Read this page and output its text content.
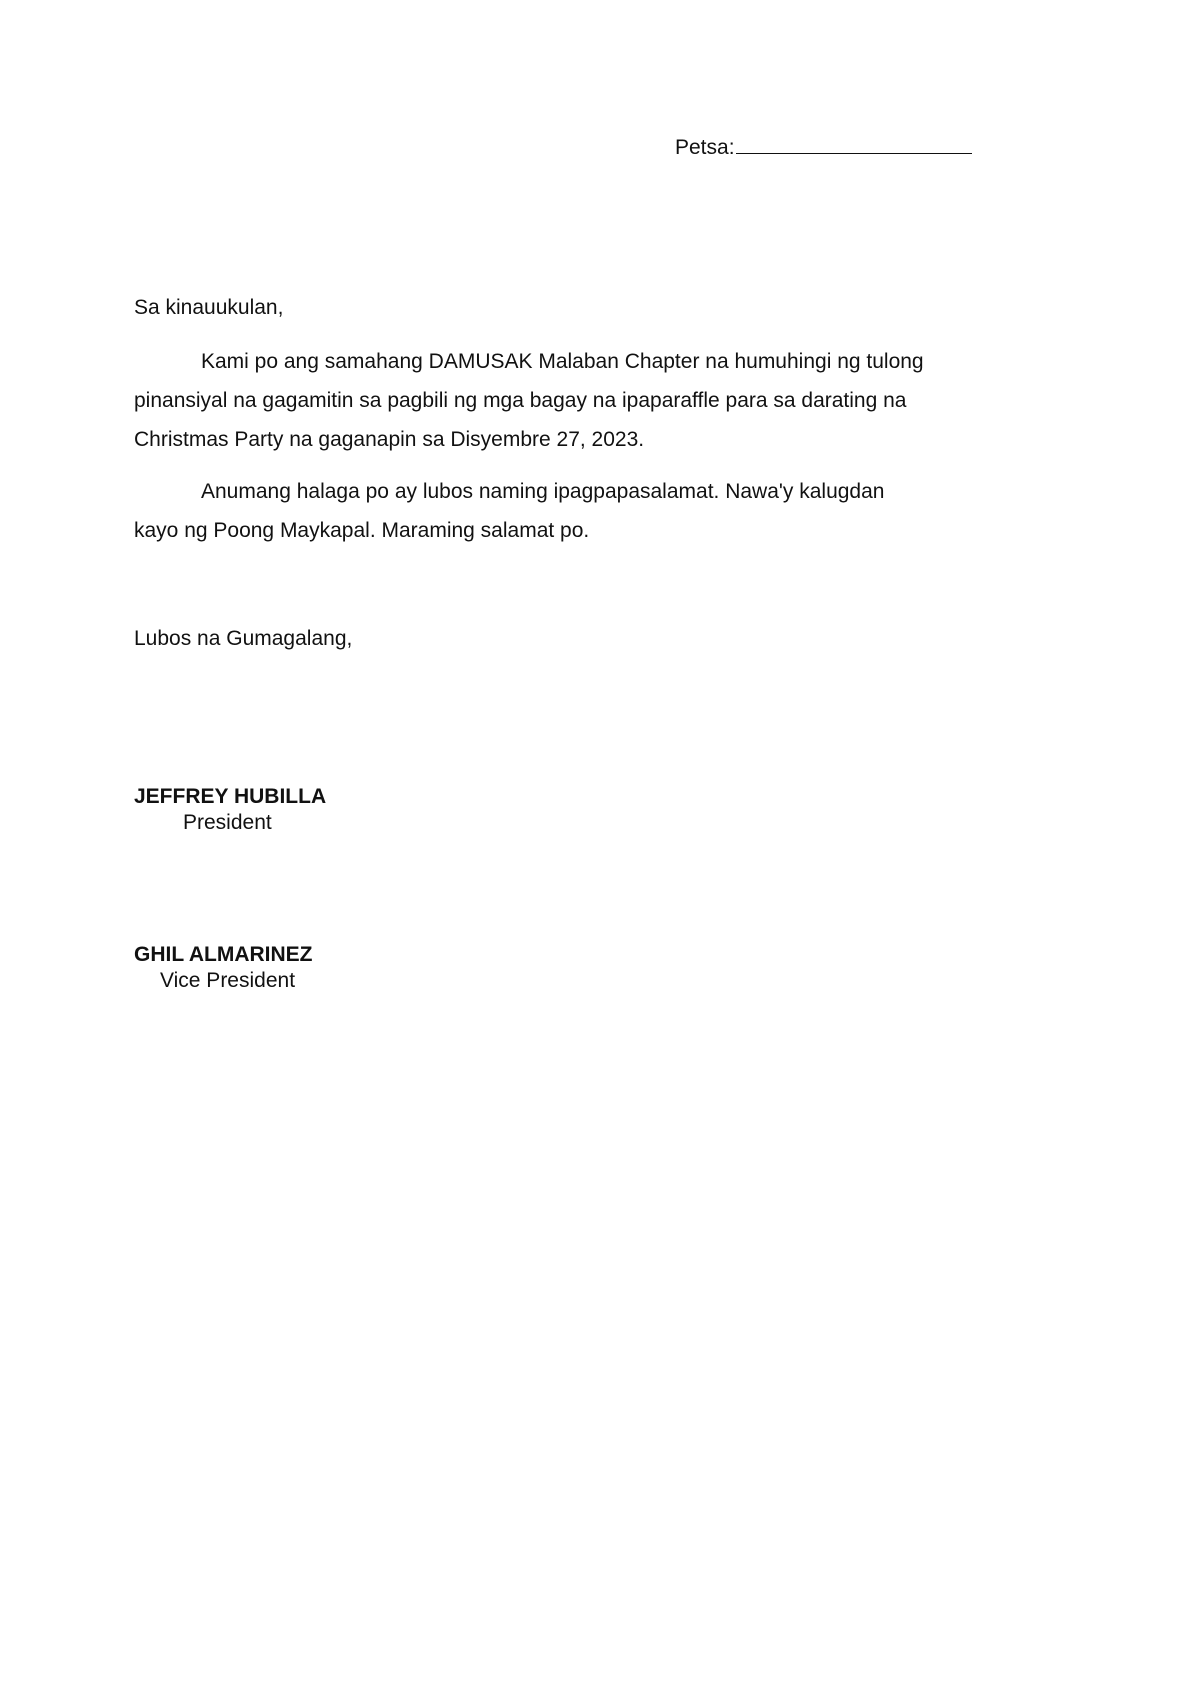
Petsa:
Sa kinauukulan,
Kami po ang samahang DAMUSAK Malaban Chapter na humuhingi ng tulong
pinansiyal na gagamitin sa pagbili ng mga bagay na ipaparaffle para sa darating na
Christmas Party na gaganapin sa Disyembre 27, 2023.
Anumang halaga po ay lubos naming ipagpapasalamat. Nawa'y kalugdan
kayo ng Poong Maykapal. Maraming salamat po.
Lubos na Gumagalang,
JEFFREY HUBILLA
President
GHIL ALMARINEZ
Vice President
